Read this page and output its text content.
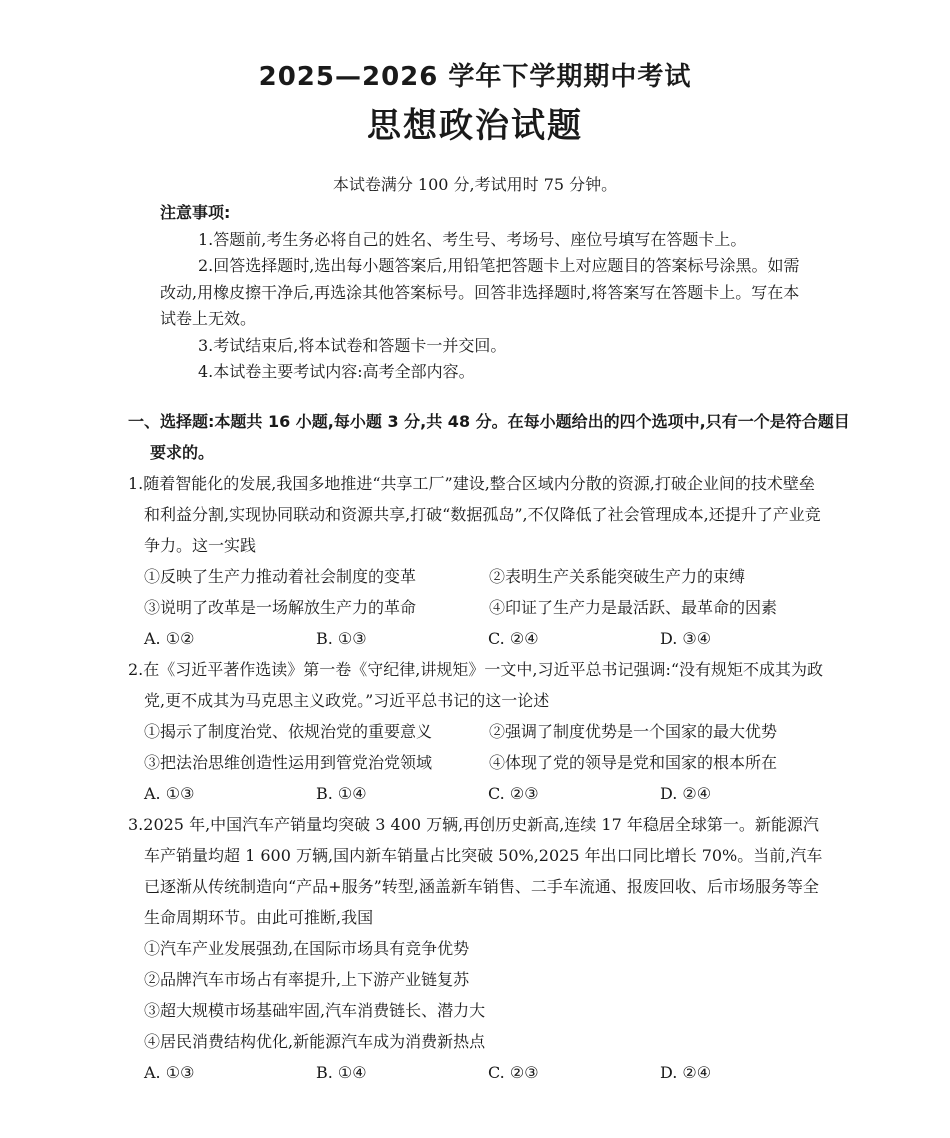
2025—2026 学年下学期期中考试
思想政治试题
本试卷满分 100 分,考试用时 75 分钟。
注意事项:
1.答题前,考生务必将自己的姓名、考生号、考场号、座位号填写在答题卡上。
2.回答选择题时,选出每小题答案后,用铅笔把答题卡上对应题目的答案标号涂黑。如需改动,用橡皮擦干净后,再选涂其他答案标号。回答非选择题时,将答案写在答题卡上。写在本试卷上无效。
3.考试结束后,将本试卷和答题卡一并交回。
4.本试卷主要考试内容:高考全部内容。
一、选择题:本题共 16 小题,每小题 3 分,共 48 分。在每小题给出的四个选项中,只有一个是符合题目要求的。
1.随着智能化的发展,我国多地推进“共享工厂”建设,整合区域内分散的资源,打破企业间的技术壁垒和利益分割,实现协同联动和资源共享,打破“数据孤岛”,不仅降低了社会管理成本,还提升了产业竞争力。这一实践
①反映了生产力推动着社会制度的变革	②表明生产关系能突破生产力的束缚
③说明了改革是一场解放生产力的革命	④印证了生产力是最活跃、最革命的因素
A. ①②	B. ①③	C. ②④	D. ③④
2.在《习近平著作选读》第一卷《守纪律,讲规矩》一文中,习近平总书记强调:“没有规矩不成其为政党,更不成其为马克思主义政党。”习近平总书记的这一论述
①揭示了制度治党、依规治党的重要意义	②强调了制度优势是一个国家的最大优势
③把法治思维创造性运用到管党治党领域	④体现了党的领导是党和国家的根本所在
A. ①③	B. ①④	C. ②③	D. ②④
3.2025 年,中国汽车产销量均突破 3 400 万辆,再创历史新高,连续 17 年稳居全球第一。新能源汽车产销量均超 1 600 万辆,国内新车销量占比突破 50%,2025 年出口同比增长 70%。当前,汽车已逐渐从传统制造向“产品+服务”转型,涵盖新车销售、二手车流通、报废回收、后市场服务等全生命周期环节。由此可推断,我国
①汽车产业发展强劲,在国际市场具有竞争优势
②品牌汽车市场占有率提升,上下游产业链复苏
③超大规模市场基础牢固,汽车消费链长、潜力大
④居民消费结构优化,新能源汽车成为消费新热点
A. ①③	B. ①④	C. ②③	D. ②④
